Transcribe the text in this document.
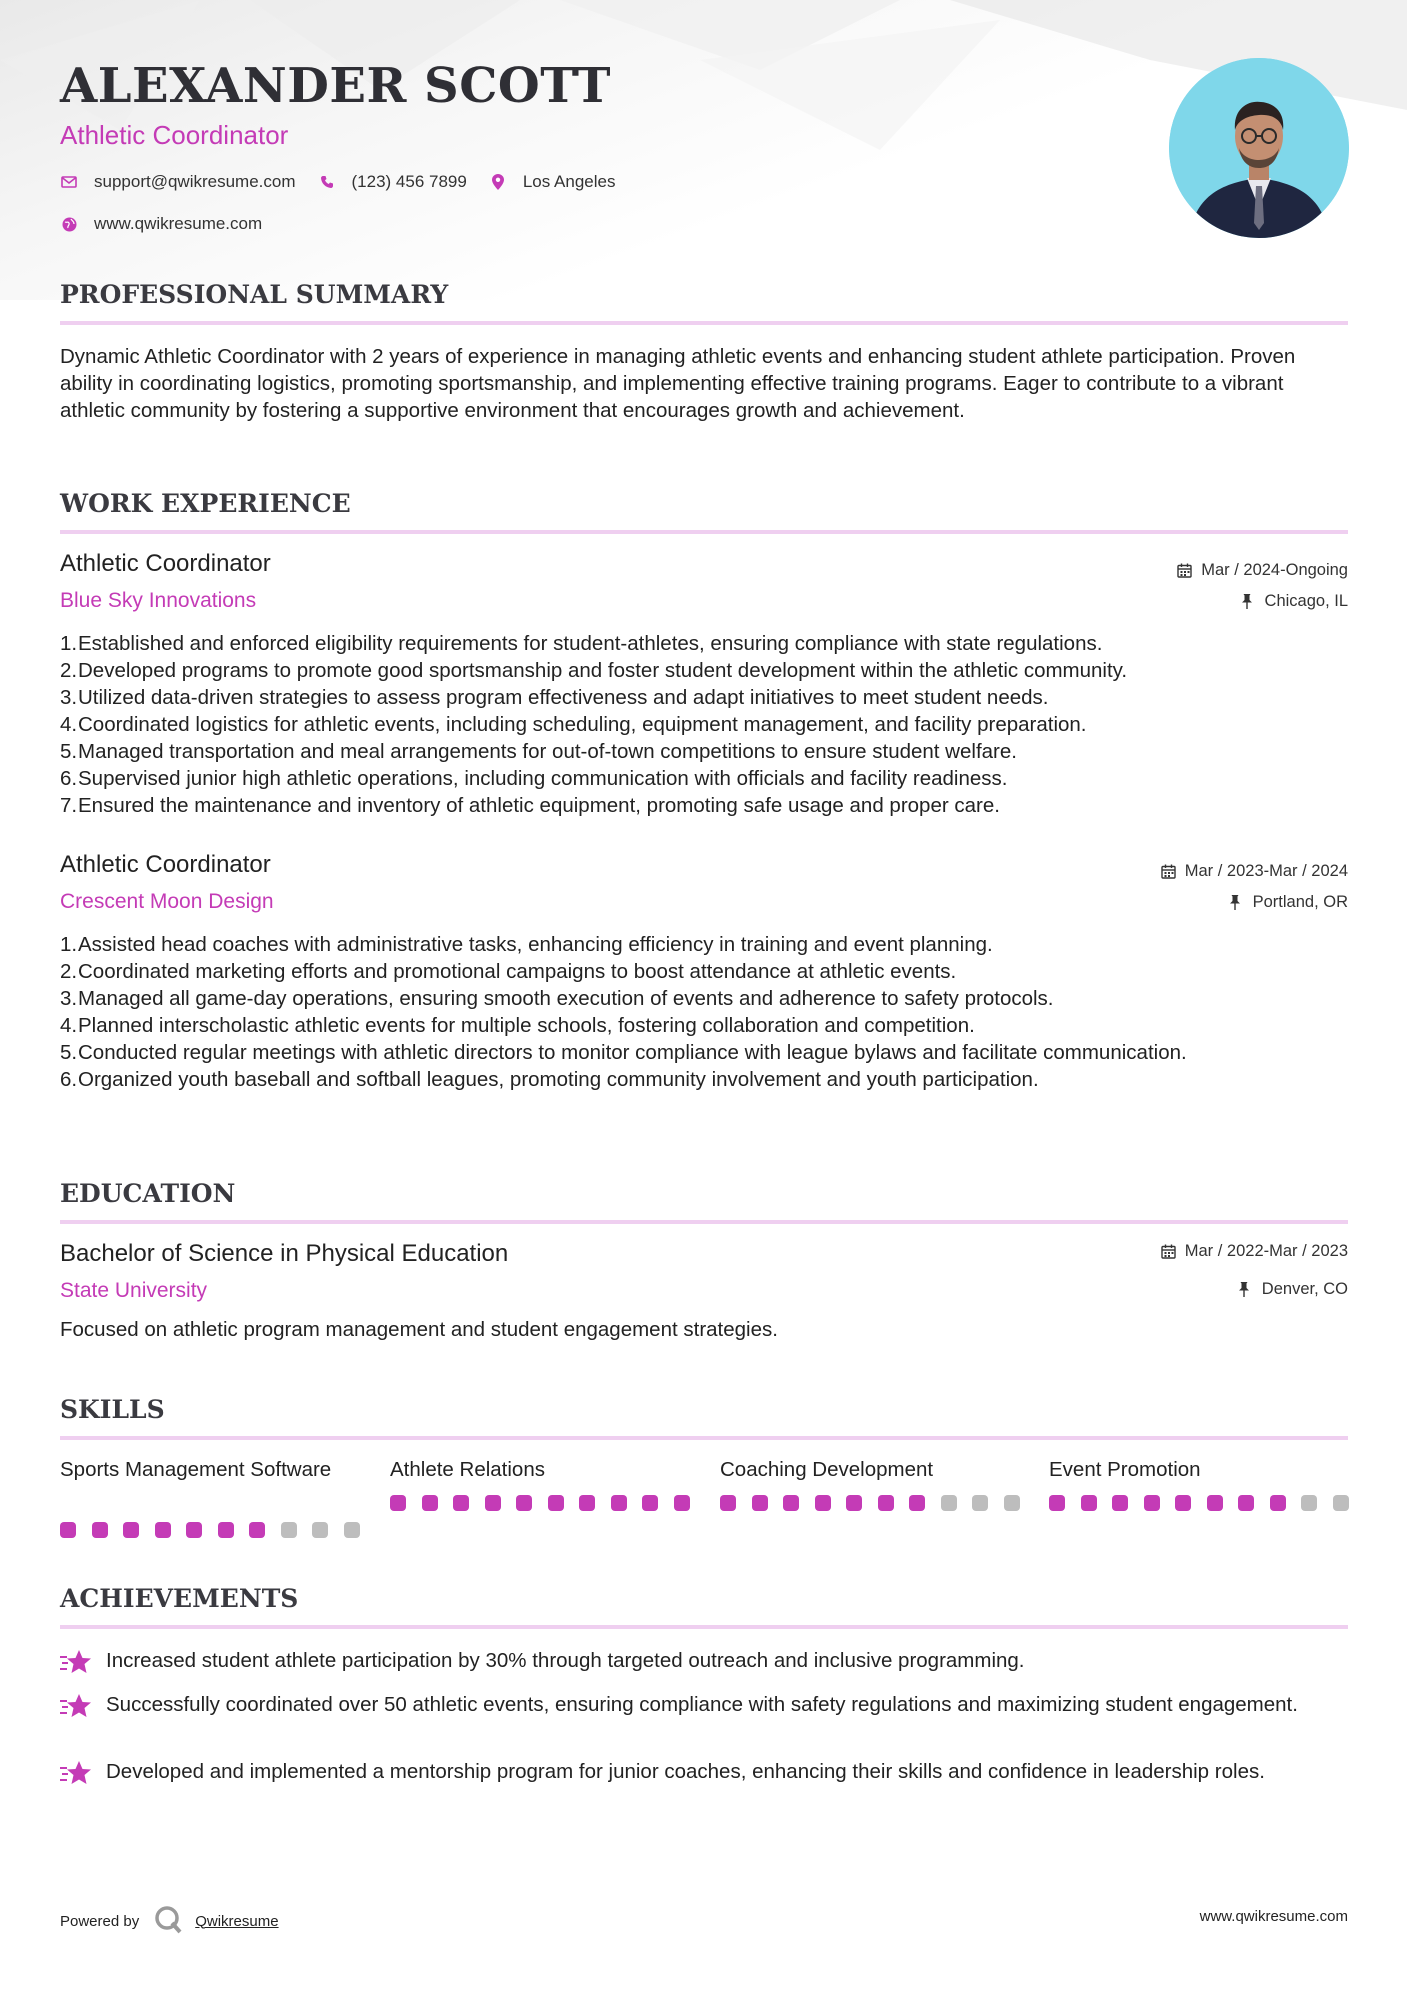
ALEXANDER SCOTT
Athletic Coordinator
support@qwikresume.com	(123) 456 7899	Los Angeles
www.qwikresume.com
PROFESSIONAL SUMMARY
Dynamic Athletic Coordinator with 2 years of experience in managing athletic events and enhancing student athlete participation. Proven ability in coordinating logistics, promoting sportsmanship, and implementing effective training programs. Eager to contribute to a vibrant athletic community by fostering a supportive environment that encourages growth and achievement.
WORK EXPERIENCE
Athletic Coordinator
Blue Sky Innovations
Mar / 2024-Ongoing
Chicago, IL
1. Established and enforced eligibility requirements for student-athletes, ensuring compliance with state regulations.
2. Developed programs to promote good sportsmanship and foster student development within the athletic community.
3. Utilized data-driven strategies to assess program effectiveness and adapt initiatives to meet student needs.
4. Coordinated logistics for athletic events, including scheduling, equipment management, and facility preparation.
5. Managed transportation and meal arrangements for out-of-town competitions to ensure student welfare.
6. Supervised junior high athletic operations, including communication with officials and facility readiness.
7. Ensured the maintenance and inventory of athletic equipment, promoting safe usage and proper care.
Athletic Coordinator
Crescent Moon Design
Mar / 2023-Mar / 2024
Portland, OR
1. Assisted head coaches with administrative tasks, enhancing efficiency in training and event planning.
2. Coordinated marketing efforts and promotional campaigns to boost attendance at athletic events.
3. Managed all game-day operations, ensuring smooth execution of events and adherence to safety protocols.
4. Planned interscholastic athletic events for multiple schools, fostering collaboration and competition.
5. Conducted regular meetings with athletic directors to monitor compliance with league bylaws and facilitate communication.
6. Organized youth baseball and softball leagues, promoting community involvement and youth participation.
EDUCATION
Bachelor of Science in Physical Education
State University
Mar / 2022-Mar / 2023
Denver, CO
Focused on athletic program management and student engagement strategies.
SKILLS
Sports Management Software	Athlete Relations	Coaching Development	Event Promotion
ACHIEVEMENTS
Increased student athlete participation by 30% through targeted outreach and inclusive programming.
Successfully coordinated over 50 athletic events, ensuring compliance with safety regulations and maximizing student engagement.
Developed and implemented a mentorship program for junior coaches, enhancing their skills and confidence in leadership roles.
Powered by	Qwikresume	www.qwikresume.com
